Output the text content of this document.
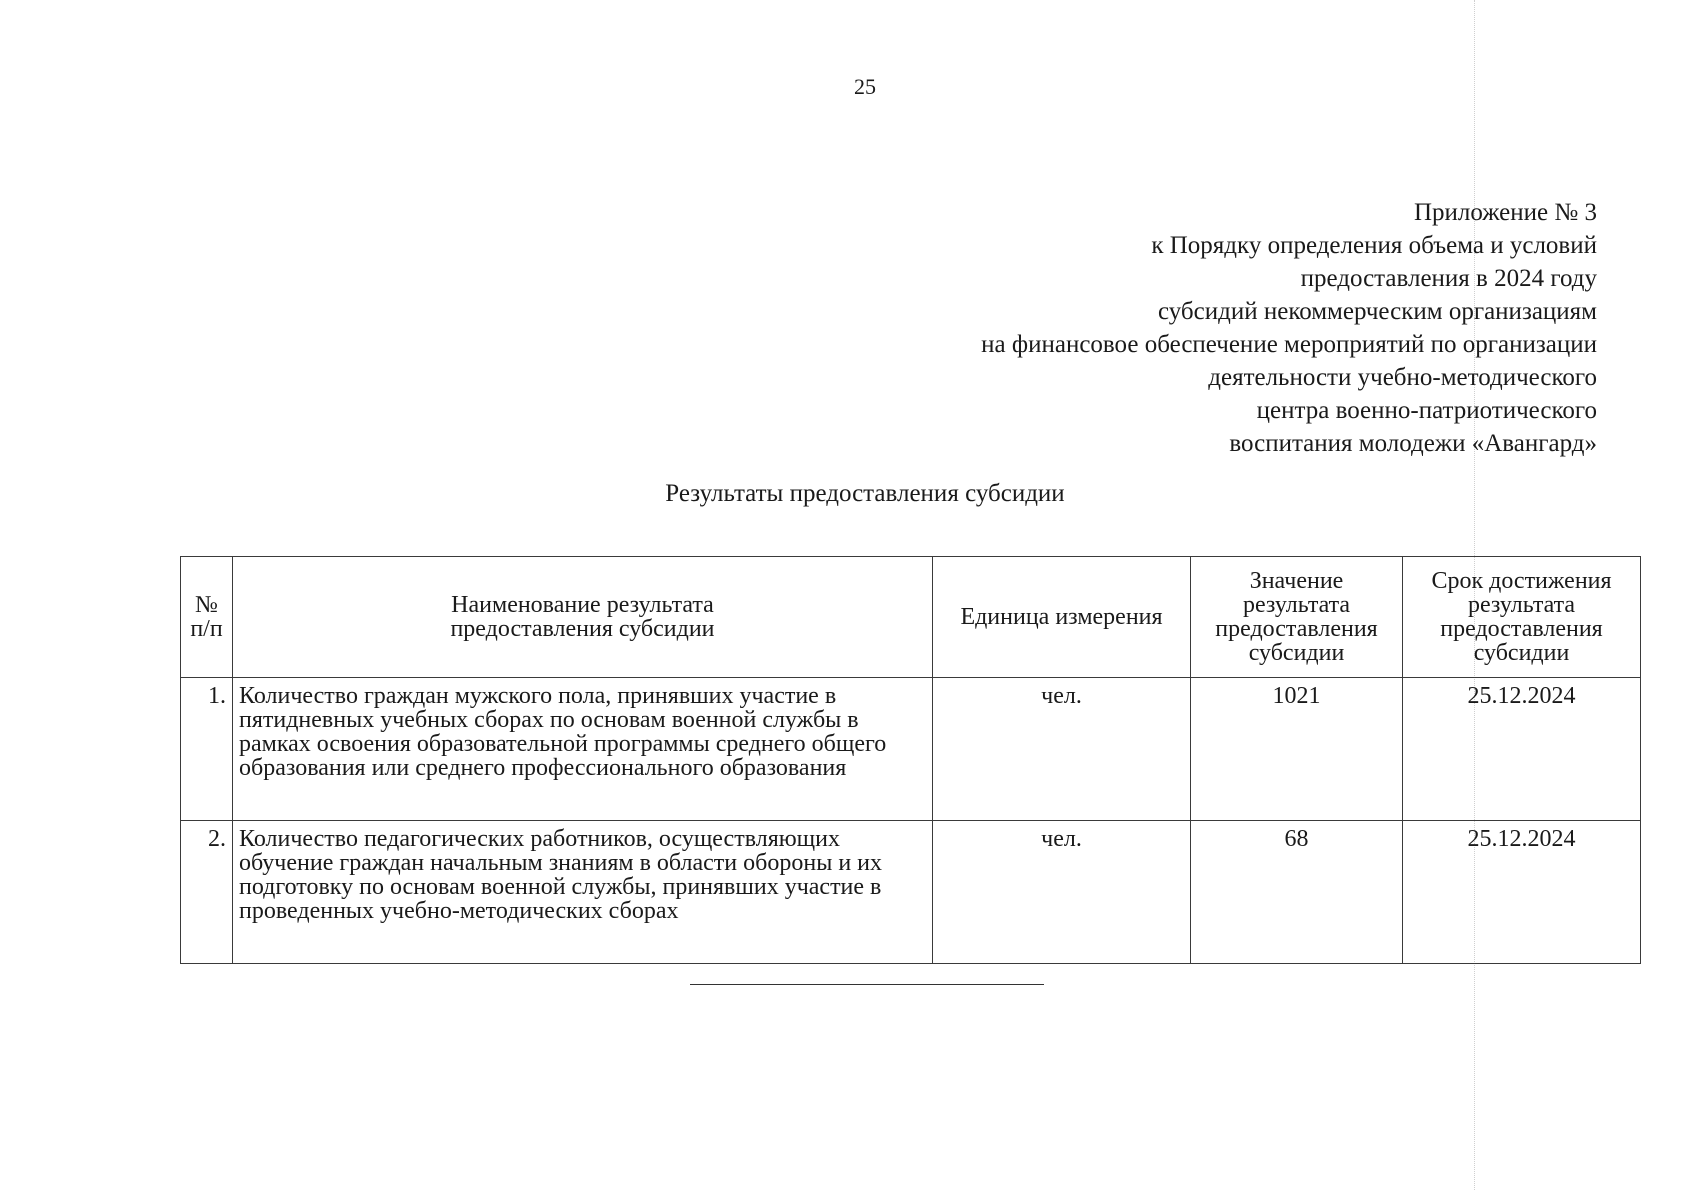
25
Приложение № 3
к Порядку определения объема и условий
предоставления в 2024 году
субсидий некоммерческим организациям
на финансовое обеспечение мероприятий по организации
деятельности учебно-методического
центра военно-патриотического
воспитания молодежи «Авангард»
Результаты предоставления субсидии
№
п/п	Наименование результата предоставления субсидии	Единица измерения	Значение результата предоставления субсидии	Срок достижения результата предоставления субсидии
1.	Количество граждан мужского пола, принявших участие в пятидневных учебных сборах по основам военной службы в рамках освоения образовательной программы среднего общего образования или среднего профессионального образования	чел.	1021	25.12.2024
2.	Количество педагогических работников, осуществляющих обучение граждан начальным знаниям в области обороны и их подготовку по основам военной службы, принявших участие в проведенных учебно-методических сборах	чел.	68	25.12.2024
